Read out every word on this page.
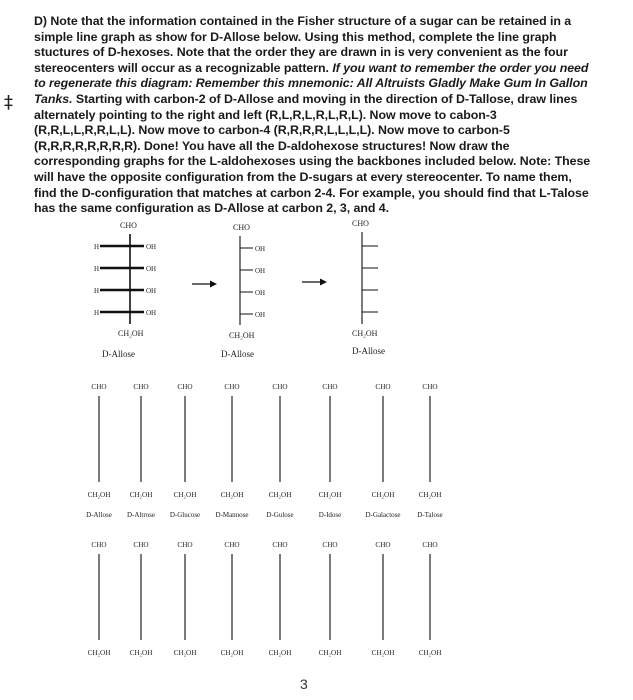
D) Note that the information contained in the Fisher structure of a sugar can be retained in a simple line graph as show for D-Allose below. Using this method, complete the line graph stuctures of D-hexoses. Note that the order they are drawn in is very convenient as the four stereocenters will occur as a recognizable pattern. If you want to remember the order you need to regenerate this diagram: Remember this mnemonic: All Altruists Gladly Make Gum In Gallon Tanks. Starting with carbon-2 of D-Allose and moving in the direction of D-Tallose, draw lines alternately pointing to the right and left (R,L,R,L,R,L,R,L). Now move to cabon-3 (R,R,L,L,R,R,L,L). Now move to carbon-4 (R,R,R,R,L,L,L,L). Now move to carbon-5 (R,R,R,R,R,R,R,R). Done! You have all the D-aldohexose structures! Now draw the corresponding graphs for the L-aldohexoses using the backbones included below. Note: These will have the opposite configuration from the D-sugars at every stereocenter. To name them, find the D-configuration that matches at carbon 2-4. For example, you should find that L-Talose has the same configuration as D-Allose at carbon 2, 3, and 4.

‡
CHO
H	OH
H	OH
H	OH
H	OH
CH₂OH
D-Allose
CHO
OH
OH
OH
OH
CH₂OH
D-Allose
CHO
CH₂OH
D-Allose
CHO
CH₂OH
D-Allose
CHO
CH₂OH
D-Altrose
CHO
CH₂OH
D-Glucose
CHO
CH₂OH
D-Mannose
CHO
CH₂OH
D-Gulose
CHO
CH₂OH
D-Idose
CHO
CH₂OH
D-Galactose
CHO
CH₂OH
D-Talose
CHO
CH₂OH
CHO
CH₂OH
CHO
CH₂OH
CHO
CH₂OH
CHO
CH₂OH
CHO
CH₂OH
CHO
CH₂OH
CHO
CH₂OH
3
